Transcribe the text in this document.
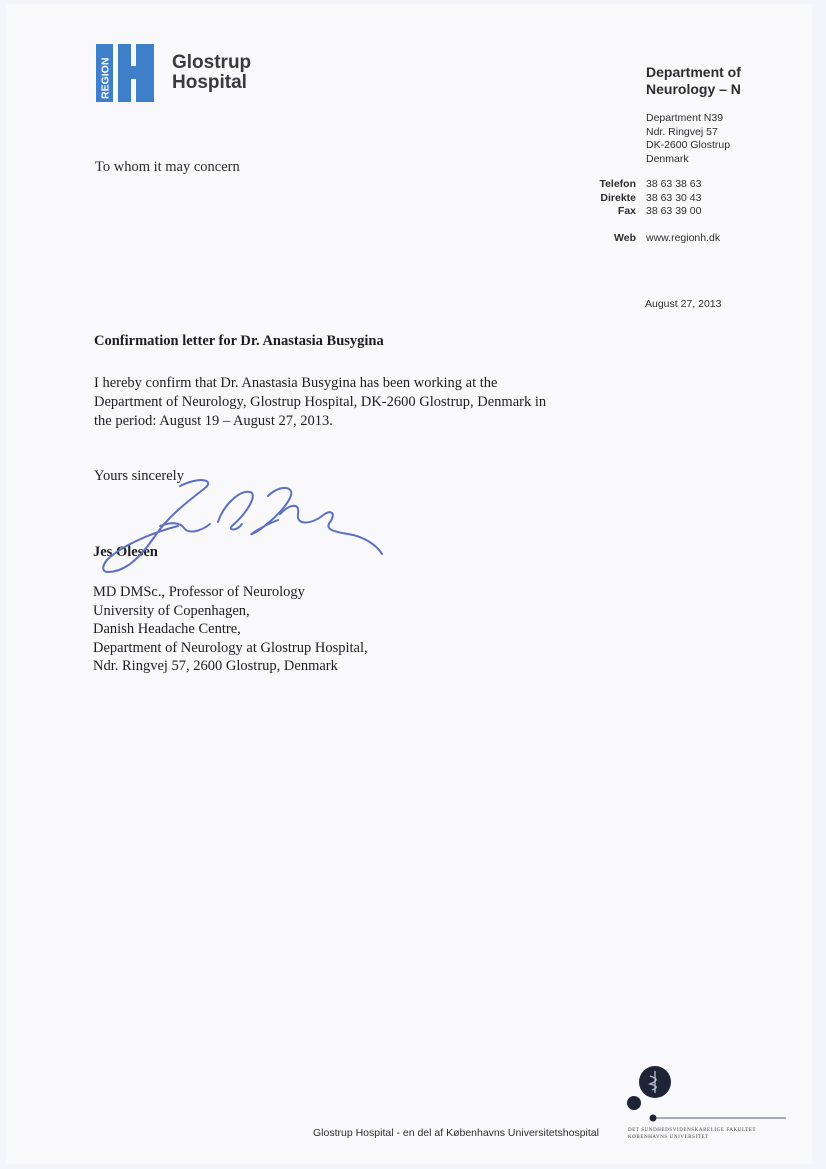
REGION	Glostrup
Hospital	Department of
Neurology – N
Department N39
Ndr. Ringvej 57
DK-2600 Glostrup
Denmark
Telefon 38 63 38 63
Direkte 38 63 30 43
Fax 38 63 39 00
Web www.regionh.dk
August 27, 2013
To whom it may concern
Confirmation letter for Dr. Anastasia Busygina
I hereby confirm that Dr. Anastasia Busygina has been working at the
Department of Neurology, Glostrup Hospital, DK-2600 Glostrup, Denmark in
the period: August 19 – August 27, 2013.
Yours sincerely
Jes Olesen
MD DMSc., Professor of Neurology
University of Copenhagen,
Danish Headache Centre,
Department of Neurology at Glostrup Hospital,
Ndr. Ringvej 57, 2600 Glostrup, Denmark
Glostrup Hospital - en del af Københavns Universitetshospital	DET SUNDHEDSVIDENSKABELIGE FAKULTET
KØBENHAVNS UNIVERSITET
